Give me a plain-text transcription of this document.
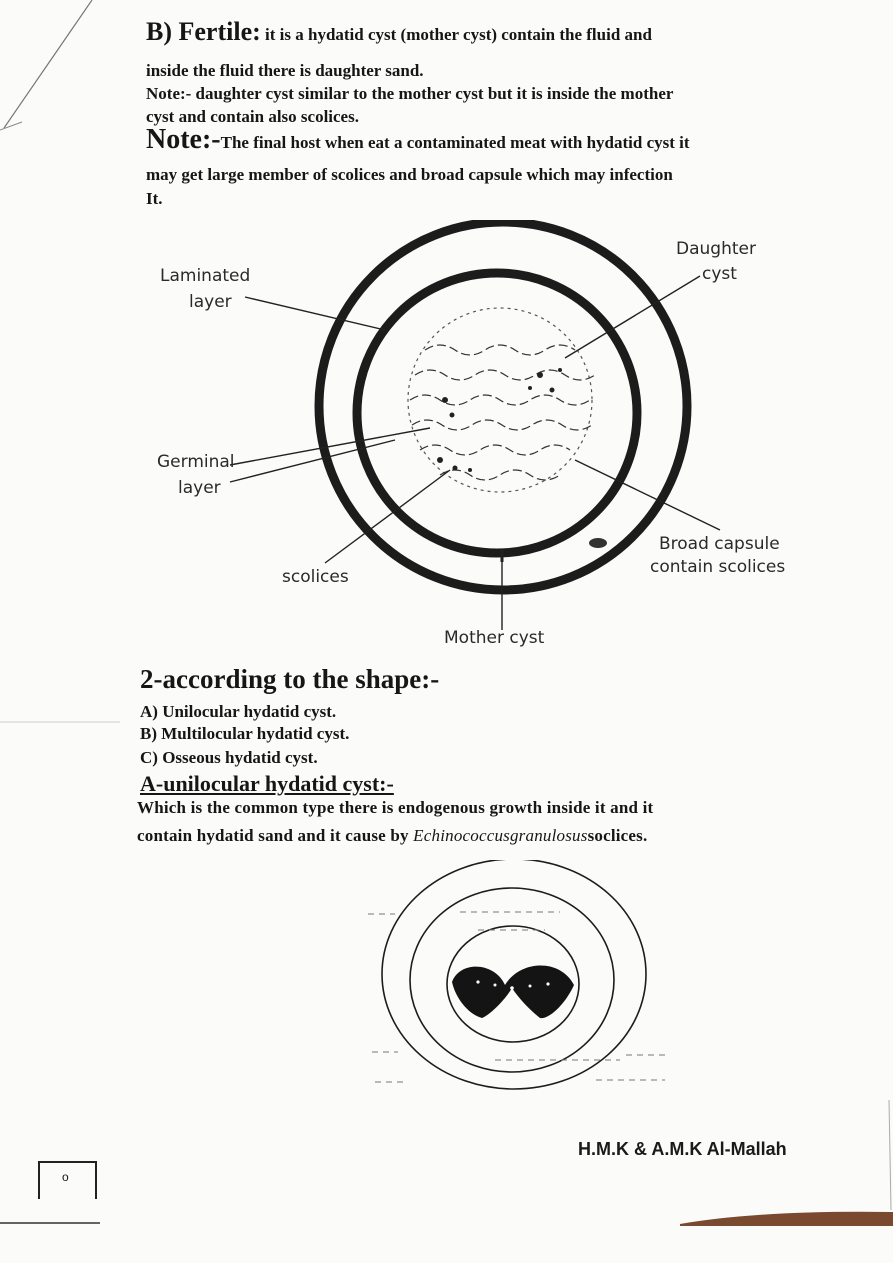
B) Fertile: it is a hydatid cyst (mother cyst) contain the fluid and
inside the fluid there is daughter sand.
Note:- daughter cyst similar to the mother cyst but it is inside the mother
cyst and contain also scolices.
Note:-The final host when eat a contaminated meat with hydatid cyst it
may get large member of scolices and broad capsule which may infection
It.
Laminated
layer
Germinal
layer
Daughter
cyst
Broad capsule
contain scolices
scolices
Mother cyst
2-according to the shape:-
A) Unilocular hydatid cyst.
B) Multilocular hydatid cyst.
C) Osseous hydatid cyst.
A-unilocular hydatid cyst:-
Which is the common type there is endogenous growth inside it and it
contain hydatid sand and it cause by Echinococcusgranulosussoclices.
H.M.K & A.M.K Al-Mallah
o
